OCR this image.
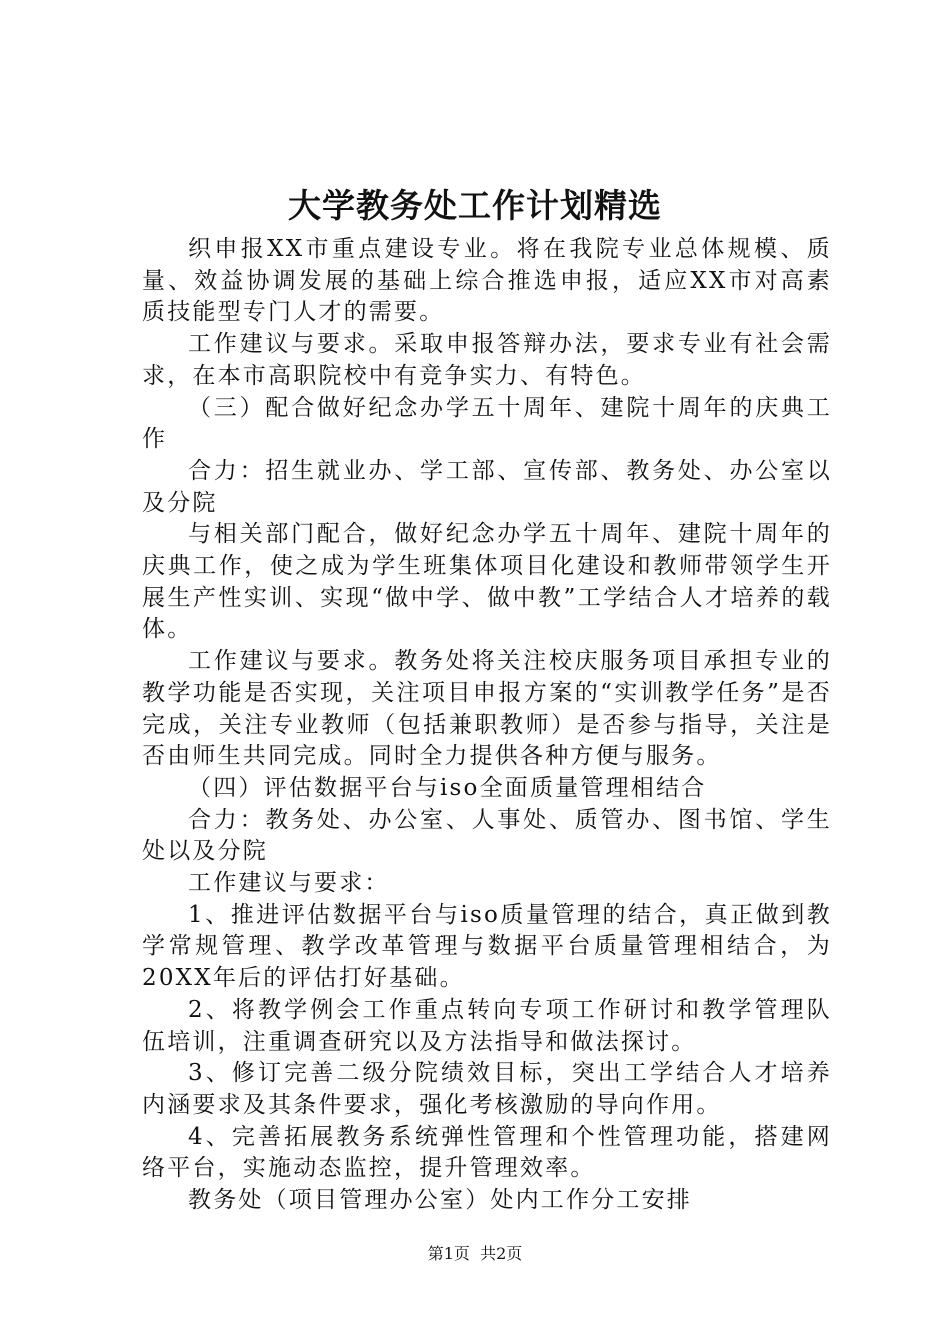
大学教务处工作计划精选

织申报XX市重点建设专业。将在我院专业总体规模、质量、效益协调发展的基础上综合推选申报，适应XX市对高素质技能型专门人才的需要。

工作建议与要求。采取申报答辩办法，要求专业有社会需求，在本市高职院校中有竞争实力、有特色。

（三）配合做好纪念办学五十周年、建院十周年的庆典工作

合力：招生就业办、学工部、宣传部、教务处、办公室以及分院

与相关部门配合，做好纪念办学五十周年、建院十周年的庆典工作，使之成为学生班集体项目化建设和教师带领学生开展生产性实训、实现“做中学、做中教”工学结合人才培养的载体。

工作建议与要求。教务处将关注校庆服务项目承担专业的教学功能是否实现，关注项目申报方案的“实训教学任务”是否完成，关注专业教师（包括兼职教师）是否参与指导，关注是否由师生共同完成。同时全力提供各种方便与服务。

（四）评估数据平台与iso全面质量管理相结合

合力：教务处、办公室、人事处、质管办、图书馆、学生处以及分院

工作建议与要求：

1、推进评估数据平台与iso质量管理的结合，真正做到教学常规管理、教学改革管理与数据平台质量管理相结合，为20XX年后的评估打好基础。

2、将教学例会工作重点转向专项工作研讨和教学管理队伍培训，注重调查研究以及方法指导和做法探讨。

3、修订完善二级分院绩效目标，突出工学结合人才培养内涵要求及其条件要求，强化考核激励的导向作用。

4、完善拓展教务系统弹性管理和个性管理功能，搭建网络平台，实施动态监控，提升管理效率。

教务处（项目管理办公室）处内工作分工安排

第1页  共2页
